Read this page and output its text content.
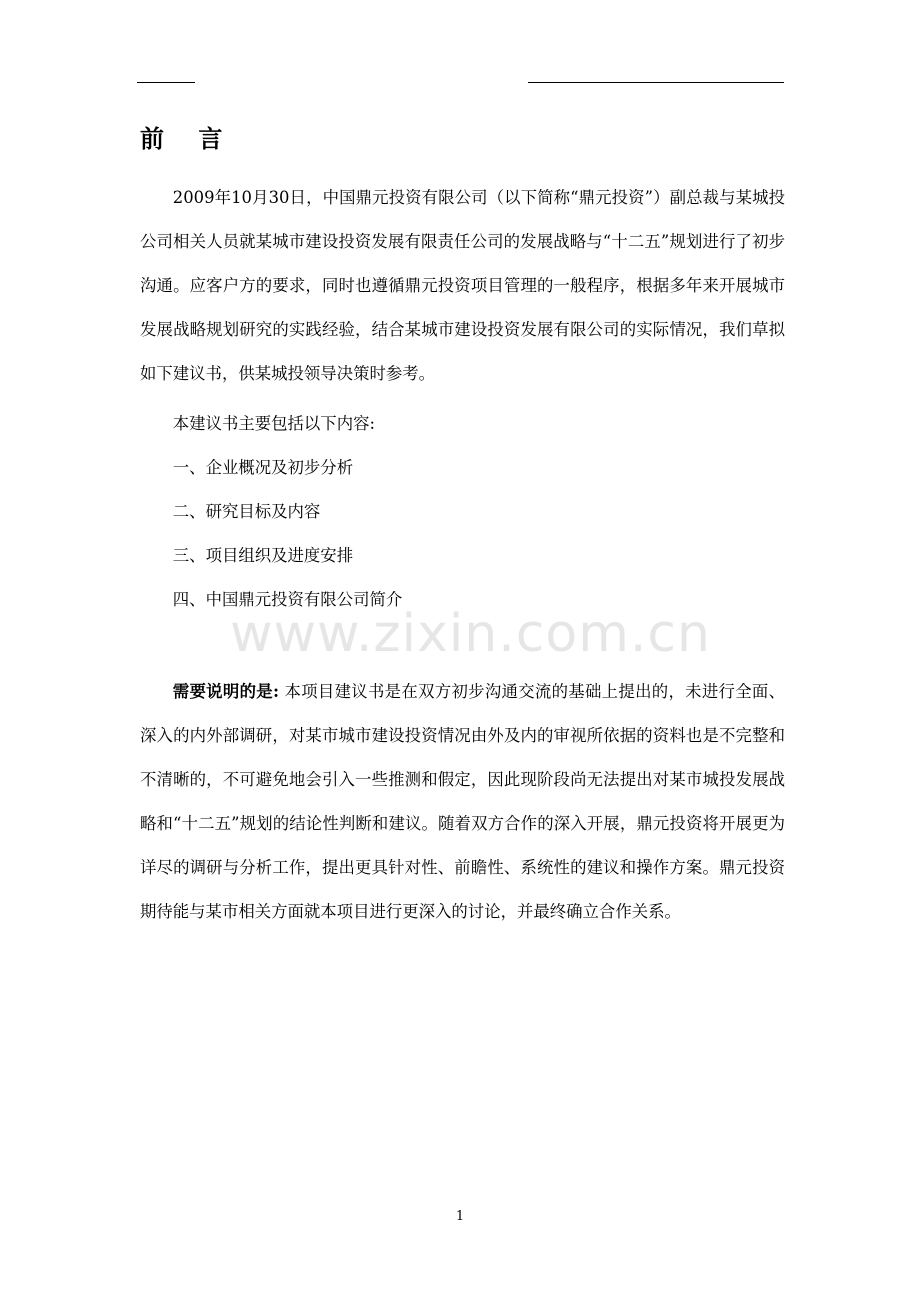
前 言

2009年10月30日，中国鼎元投资有限公司（以下简称“鼎元投资”）副总裁与某城投公司相关人员就某城市建设投资发展有限责任公司的发展战略与“十二五”规划进行了初步沟通。应客户方的要求，同时也遵循鼎元投资项目管理的一般程序，根据多年来开展城市发展战略规划研究的实践经验，结合某城市建设投资发展有限公司的实际情况，我们草拟如下建议书，供某城投领导决策时参考。

本建议书主要包括以下内容:

一、企业概况及初步分析

二、研究目标及内容

三、项目组织及进度安排

四、中国鼎元投资有限公司简介

www.zixin.com.cn

需要说明的是: 本项目建议书是在双方初步沟通交流的基础上提出的，未进行全面、深入的内外部调研，对某市城市建设投资情况由外及内的审视所依据的资料也是不完整和不清晰的，不可避免地会引入一些推测和假定，因此现阶段尚无法提出对某市城投发展战略和“十二五”规划的结论性判断和建议。随着双方合作的深入开展，鼎元投资将开展更为详尽的调研与分析工作，提出更具针对性、前瞻性、系统性的建议和操作方案。鼎元投资期待能与某市相关方面就本项目进行更深入的讨论，并最终确立合作关系。

1
